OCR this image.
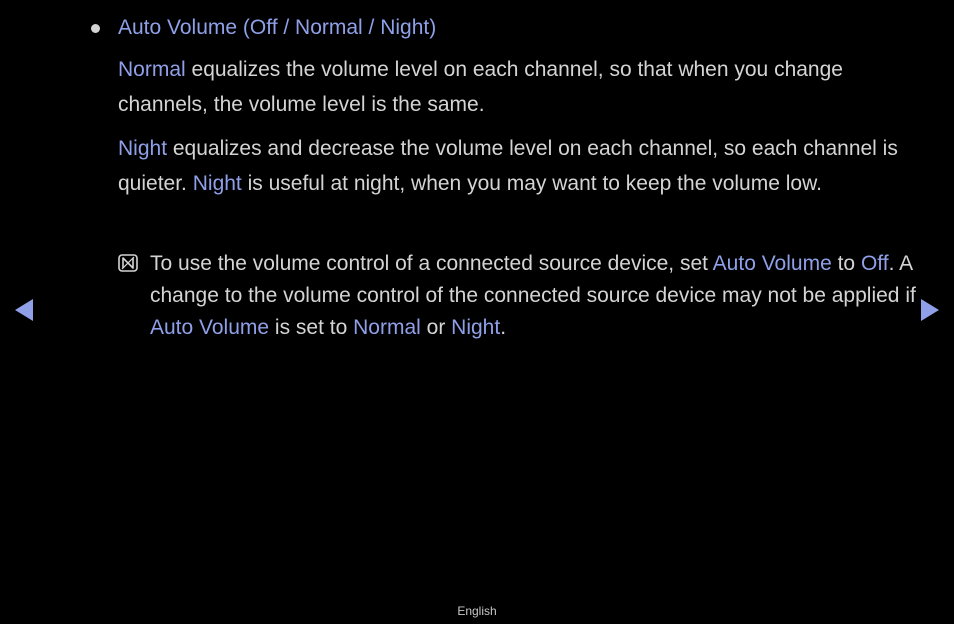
Auto Volume (Off / Normal / Night)

Normal equalizes the volume level on each channel, so that when you change channels, the volume level is the same.

Night equalizes and decrease the volume level on each channel, so each channel is quieter. Night is useful at night, when you may want to keep the volume low.

To use the volume control of a connected source device, set Auto Volume to Off. A change to the volume control of the connected source device may not be applied if Auto Volume is set to Normal or Night.
English
